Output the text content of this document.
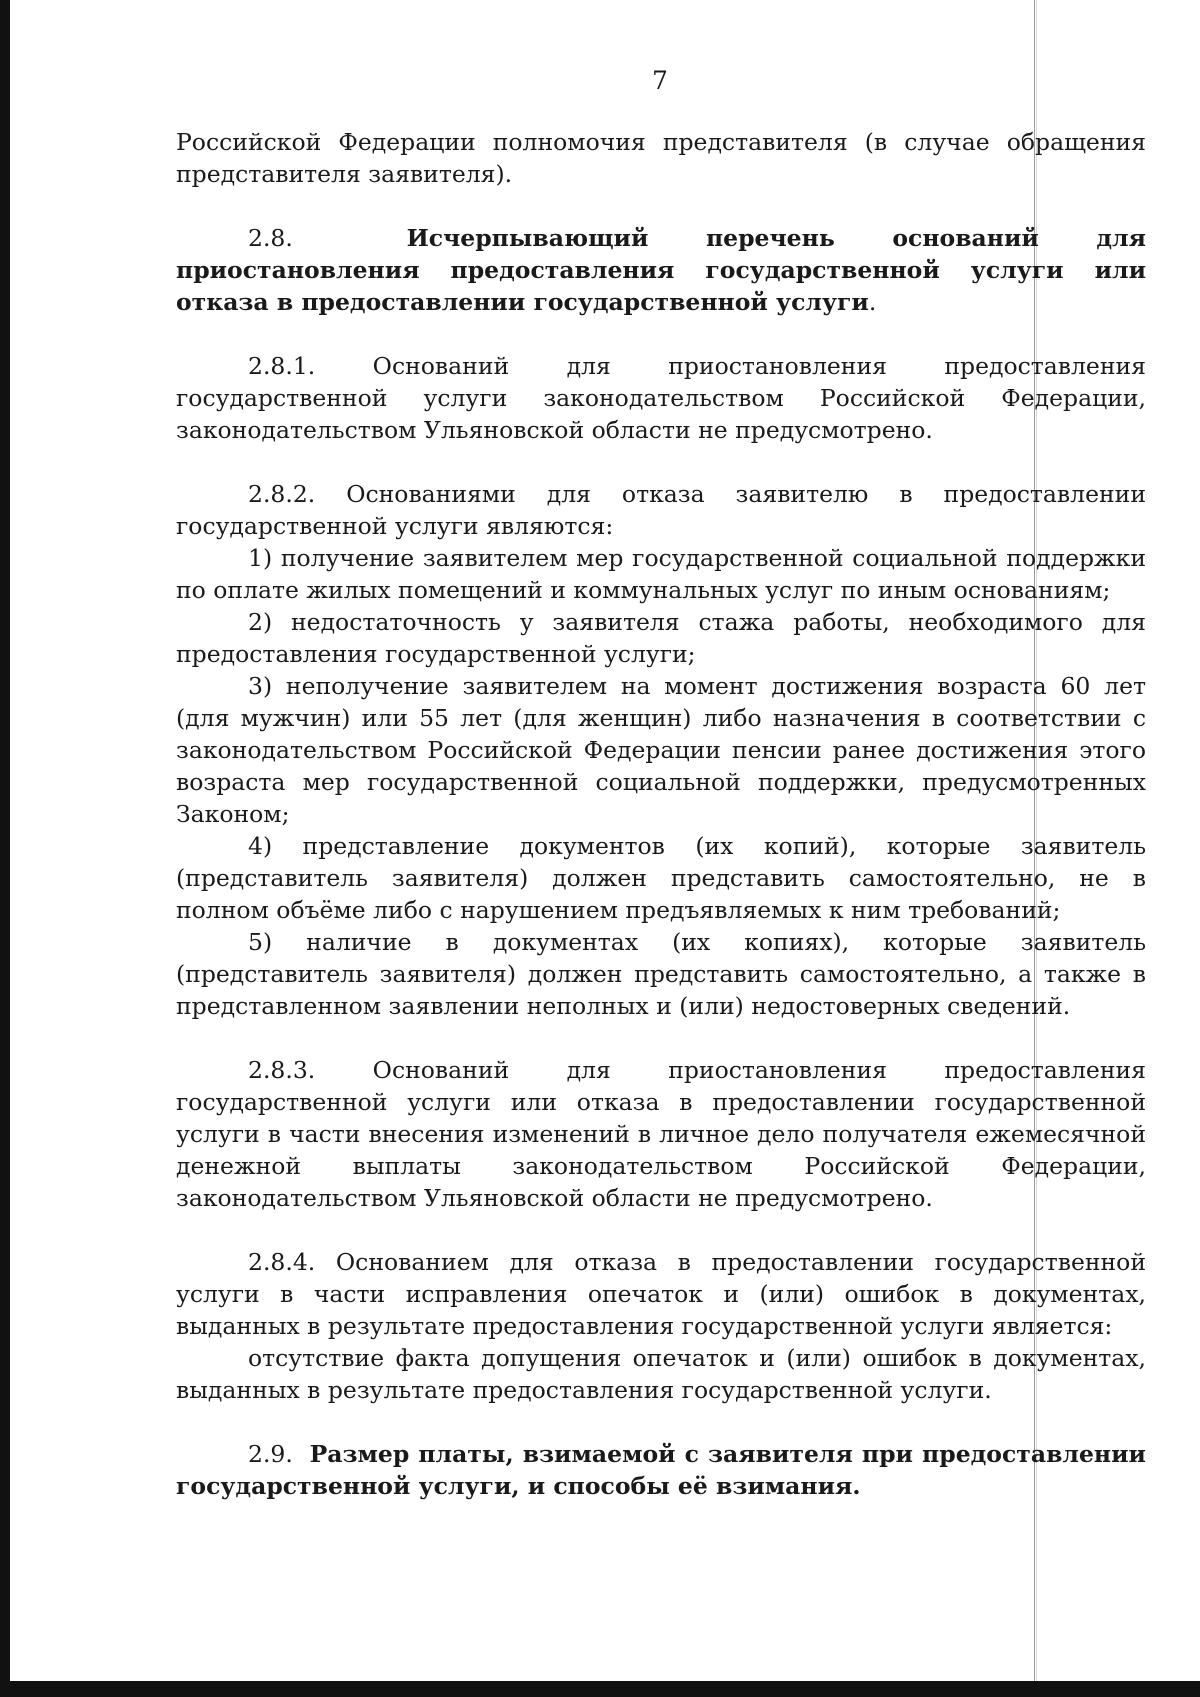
7

Российской Федерации полномочия представителя (в случае обращения представителя заявителя).

2.8.	Исчерпывающий перечень оснований для приостановления предоставления государственной услуги или отказа в предоставлении государственной услуги.

2.8.1. Оснований для приостановления предоставления государственной услуги законодательством Российской Федерации, законодательством Ульяновской области не предусмотрено.

2.8.2. Основаниями для отказа заявителю в предоставлении государственной услуги являются:

1) получение заявителем мер государственной социальной поддержки по оплате жилых помещений и коммунальных услуг по иным основаниям;

2) недостаточность у заявителя стажа работы, необходимого для предоставления государственной услуги;

3) неполучение заявителем на момент достижения возраста 60 лет (для мужчин) или 55 лет (для женщин) либо назначения в соответствии с законодательством Российской Федерации пенсии ранее достижения этого возраста мер государственной социальной поддержки, предусмотренных Законом;

4) представление документов (их копий), которые заявитель (представитель заявителя) должен представить самостоятельно, не в полном объёме либо с нарушением предъявляемых к ним требований;

5) наличие в документах (их копиях), которые заявитель (представитель заявителя) должен представить самостоятельно, а также в представленном заявлении неполных и (или) недостоверных сведений.

2.8.3. Оснований для приостановления предоставления государственной услуги или отказа в предоставлении государственной услуги в части внесения изменений в личное дело получателя ежемесячной денежной выплаты законодательством Российской Федерации, законодательством Ульяновской области не предусмотрено.

2.8.4. Основанием для отказа в предоставлении государственной услуги в части исправления опечаток и (или) ошибок в документах, выданных в результате предоставления государственной услуги является:

отсутствие факта допущения опечаток и (или) ошибок в документах, выданных в результате предоставления государственной услуги.

2.9. Размер платы, взимаемой с заявителя при предоставлении государственной услуги, и способы её взимания.
